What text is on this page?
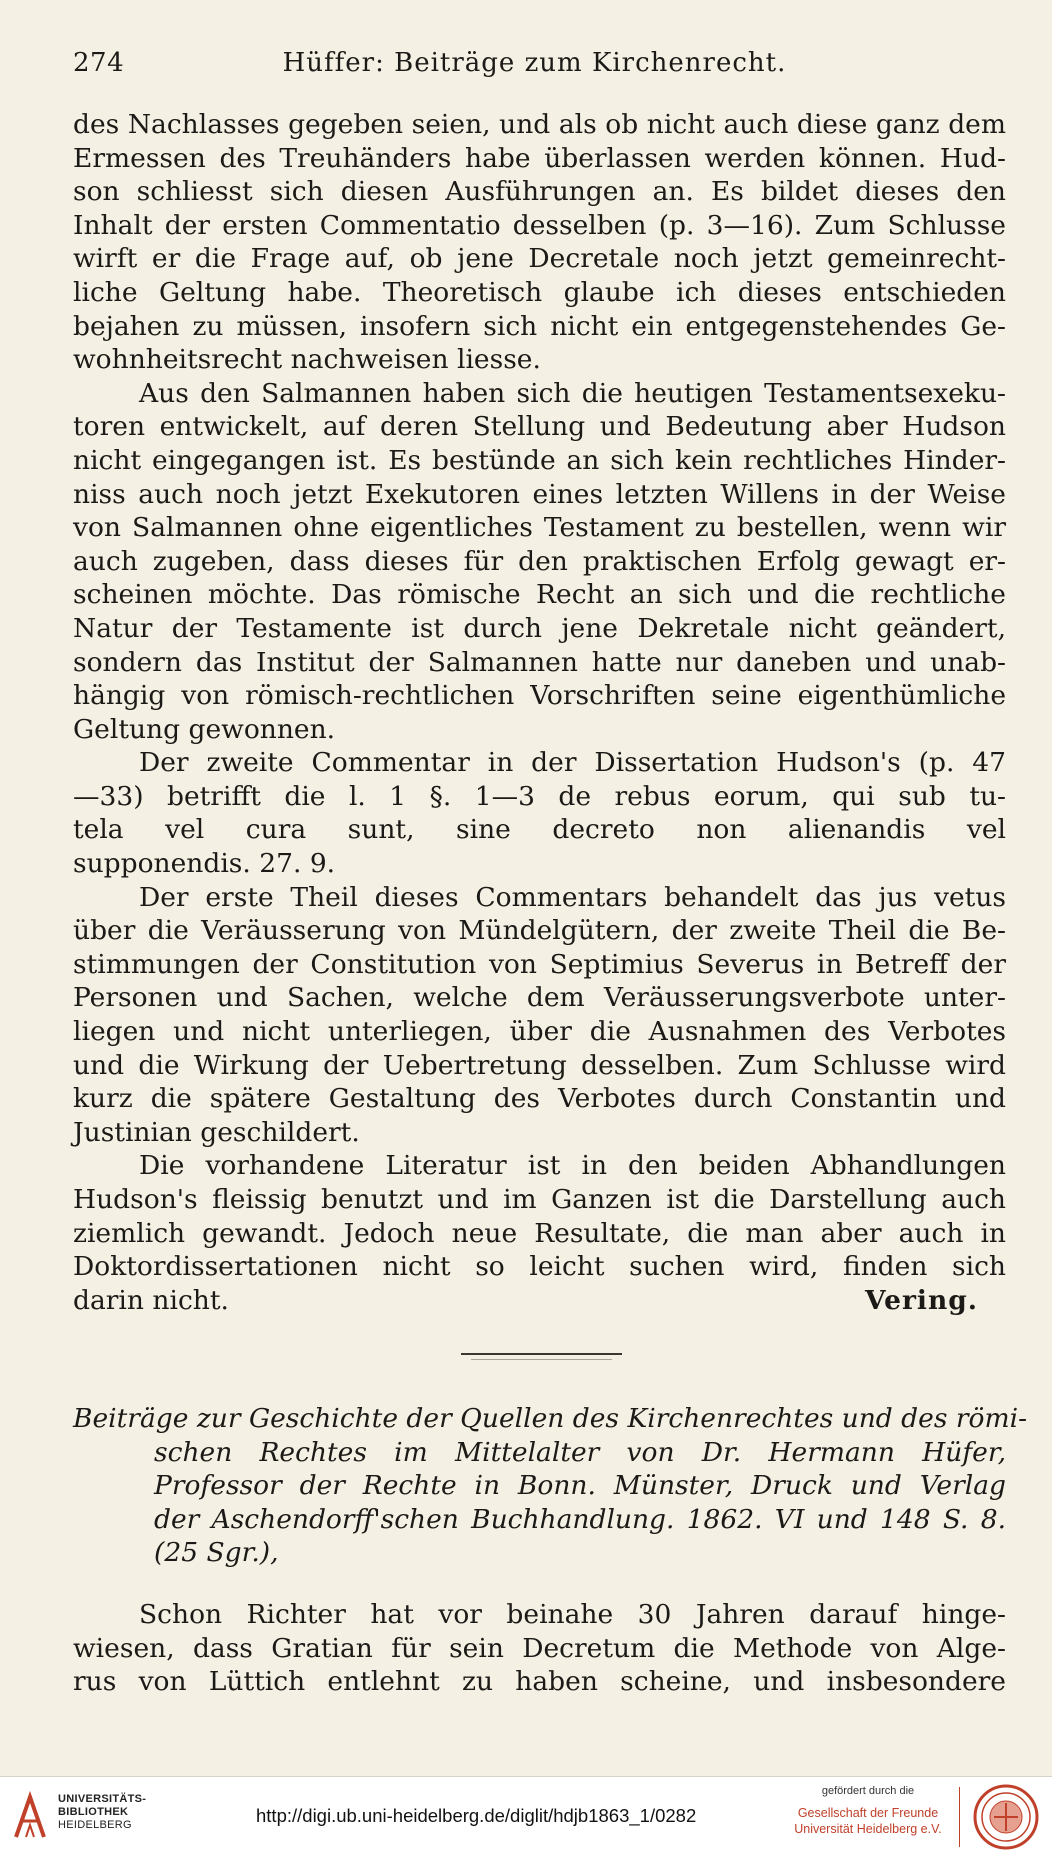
274	Hüffer: Beiträge zum Kirchenrecht.
des Nachlasses gegeben seien, und als ob nicht auch diese ganz dem
Ermessen des Treuhänders habe überlassen werden können. Hud-
son schliesst sich diesen Ausführungen an. Es bildet dieses den
Inhalt der ersten Commentatio desselben (p. 3—16). Zum Schlusse
wirft er die Frage auf, ob jene Decretale noch jetzt gemeinrecht-
liche Geltung habe. Theoretisch glaube ich dieses entschieden
bejahen zu müssen, insofern sich nicht ein entgegenstehendes Ge-
wohnheitsrecht nachweisen liesse.
Aus den Salmannen haben sich die heutigen Testamentsexeku-
toren entwickelt, auf deren Stellung und Bedeutung aber Hudson
nicht eingegangen ist. Es bestünde an sich kein rechtliches Hinder-
niss auch noch jetzt Exekutoren eines letzten Willens in der Weise
von Salmannen ohne eigentliches Testament zu bestellen, wenn wir
auch zugeben, dass dieses für den praktischen Erfolg gewagt er-
scheinen möchte. Das römische Recht an sich und die rechtliche
Natur der Testamente ist durch jene Dekretale nicht geändert,
sondern das Institut der Salmannen hatte nur daneben und unab-
hängig von römisch-rechtlichen Vorschriften seine eigenthümliche
Geltung gewonnen.
Der zweite Commentar in der Dissertation Hudson's (p. 47
—33) betrifft die l. 1 §. 1—3 de rebus eorum, qui sub tu-
tela vel cura sunt, sine decreto non alienandis vel
supponendis. 27. 9.
Der erste Theil dieses Commentars behandelt das jus vetus
über die Veräusserung von Mündelgütern, der zweite Theil die Be-
stimmungen der Constitution von Septimius Severus in Betreff der
Personen und Sachen, welche dem Veräusserungsverbote unter-
liegen und nicht unterliegen, über die Ausnahmen des Verbotes
und die Wirkung der Uebertretung desselben. Zum Schlusse wird
kurz die spätere Gestaltung des Verbotes durch Constantin und
Justinian geschildert.
Die vorhandene Literatur ist in den beiden Abhandlungen
Hudson's fleissig benutzt und im Ganzen ist die Darstellung auch
ziemlich gewandt. Jedoch neue Resultate, die man aber auch in
Doktordissertationen nicht so leicht suchen wird, finden sich
darin nicht.	Vering.
Beiträge zur Geschichte der Quellen des Kirchenrechtes und des römi-
schen Rechtes im Mittelalter von Dr. Hermann Hüfer,
Professor der Rechte in Bonn. Münster, Druck und Verlag
der Aschendorff'schen Buchhandlung. 1862. VI und 148 S. 8.
(25 Sgr.),
Schon Richter hat vor beinahe 30 Jahren darauf hinge-
wiesen, dass Gratian für sein Decretum die Methode von Alge-
rus von Lüttich entlehnt zu haben scheine, und insbesondere
UNIVERSITÄTS-
BIBLIOTHEK
HEIDELBERG	http://digi.ub.uni-heidelberg.de/diglit/hdjb1863_1/0282
gefördert durch die
Gesellschaft der Freunde
Universität Heidelberg e.V.
